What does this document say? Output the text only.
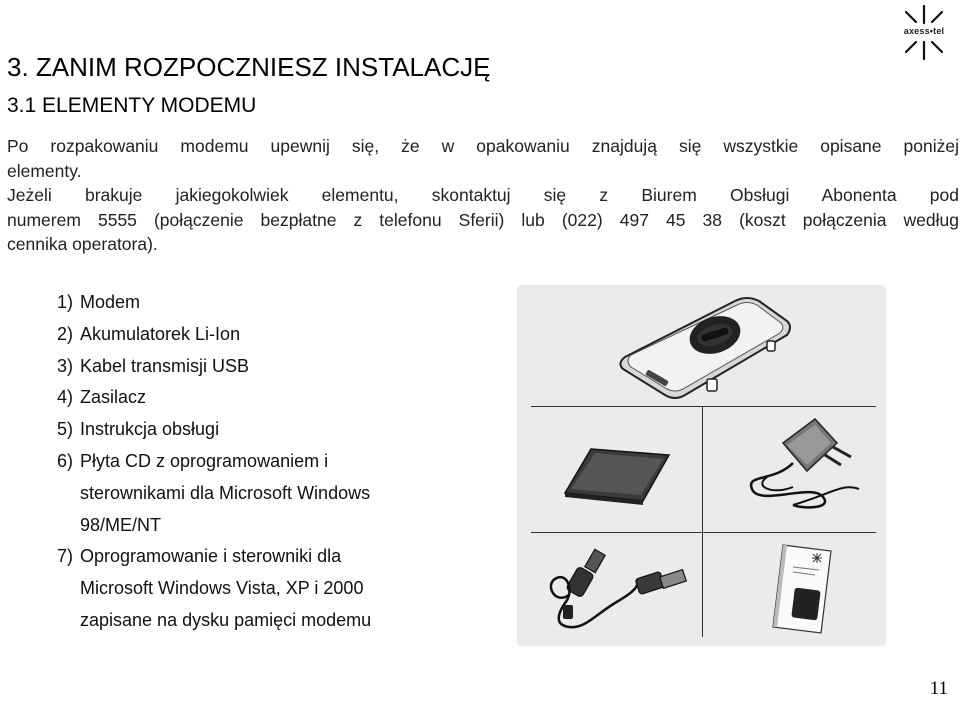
axess•tel
3. ZANIM ROZPOCZNIESZ INSTALACJĘ
3.1 ELEMENTY MODEMU
Po rozpakowaniu modemu upewnij się, że w opakowaniu znajdują się wszystkie opisane poniżej
elementy.
Jeżeli brakuje jakiegokolwiek elementu, skontaktuj się z Biurem Obsługi Abonenta pod
numerem 5555 (połączenie bezpłatne z telefonu Sferii) lub (022) 497 45 38 (koszt połączenia według
cennika operatora).
1) Modem
2) Akumulatorek Li-Ion
3) Kabel transmisji USB
4) Zasilacz
5) Instrukcja obsługi
6) Płyta CD z oprogramowaniem i
sterownikami dla Microsoft Windows
98/ME/NT
7) Oprogramowanie i sterowniki dla
Microsoft Windows Vista, XP i 2000
zapisane na dysku pamięci modemu
11
